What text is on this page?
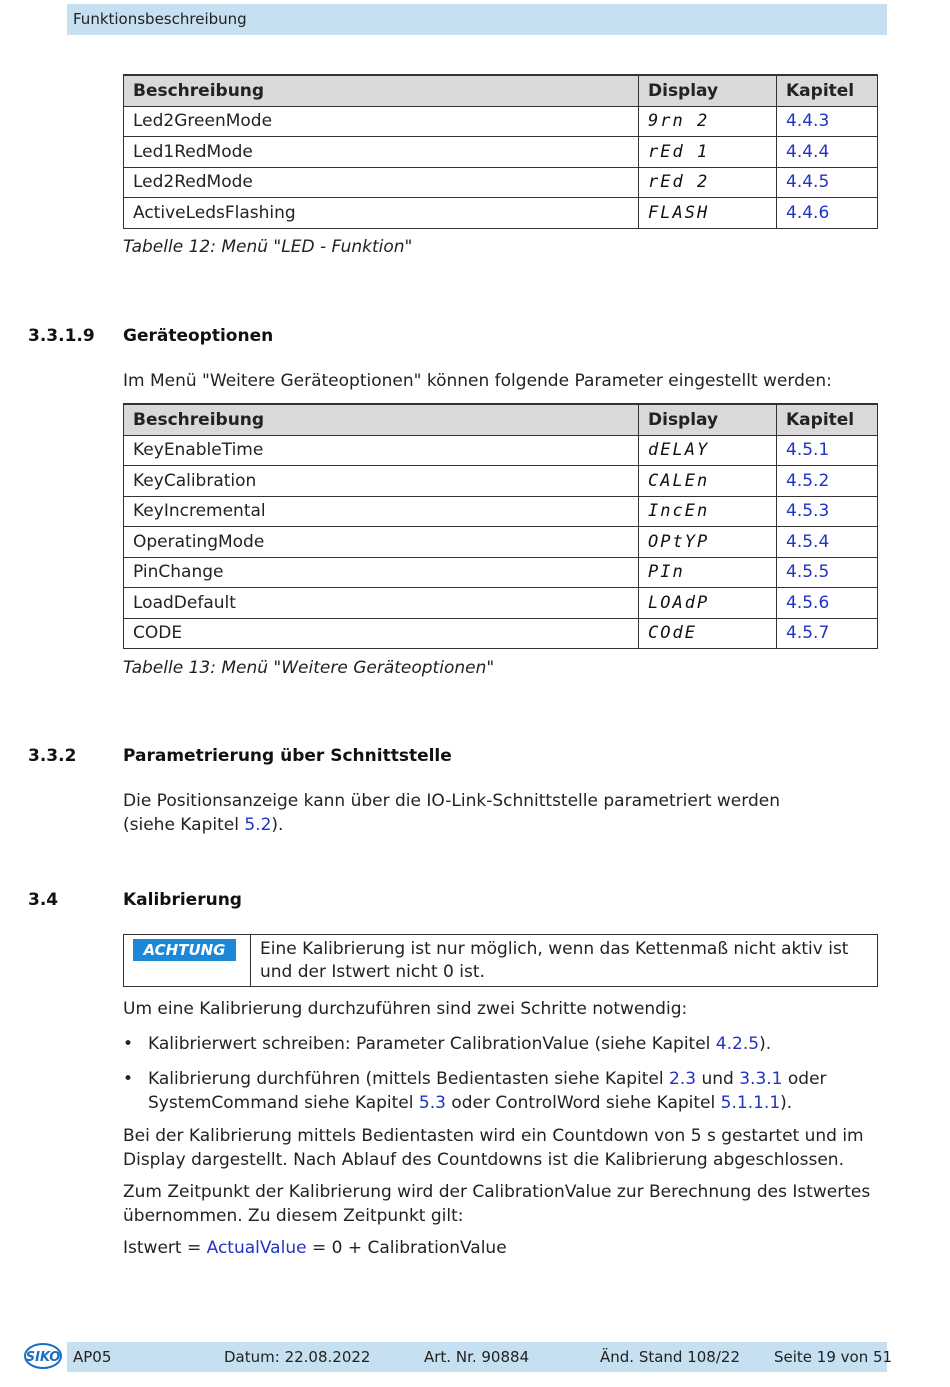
Funktionsbeschreibung
Beschreibung	Display	Kapitel
Led2GreenMode	9rn 2	4.4.3
Led1RedMode	rEd 1	4.4.4
Led2RedMode	rEd 2	4.4.5
ActiveLedsFlashing	FLASH	4.4.6
Tabelle 12: Menü "LED - Funktion"
3.3.1.9 Geräteoptionen
Im Menü "Weitere Geräteoptionen" können folgende Parameter eingestellt werden:
Beschreibung	Display	Kapitel
KeyEnableTime	dELAY	4.5.1
KeyCalibration	CALEn	4.5.2
KeyIncremental	IncEn	4.5.3
OperatingMode	OPtYP	4.5.4
PinChange	PIn	4.5.5
LoadDefault	LOAdP	4.5.6
CODE	COdE	4.5.7
Tabelle 13: Menü "Weitere Geräteoptionen"
3.3.2	Parametrierung über Schnittstelle
Die Positionsanzeige kann über die IO-Link-Schnittstelle parametriert werden
(siehe Kapitel 5.2).
3.4	Kalibrierung
ACHTUNG	Eine Kalibrierung ist nur möglich, wenn das Kettenmaß nicht aktiv ist und der Istwert nicht 0 ist.
Um eine Kalibrierung durchzuführen sind zwei Schritte notwendig:
• Kalibrierwert schreiben: Parameter CalibrationValue (siehe Kapitel 4.2.5).
• Kalibrierung durchführen (mittels Bedientasten siehe Kapitel 2.3 und 3.3.1 oder SystemCommand siehe Kapitel 5.3 oder ControlWord siehe Kapitel 5.1.1.1).
Bei der Kalibrierung mittels Bedientasten wird ein Countdown von 5 s gestartet und im Display dargestellt. Nach Ablauf des Countdowns ist die Kalibrierung abgeschlossen.
Zum Zeitpunkt der Kalibrierung wird der CalibrationValue zur Berechnung des Istwertes übernommen. Zu diesem Zeitpunkt gilt:
Istwert = ActualValue = 0 + CalibrationValue
SIKO AP05	Datum: 22.08.2022	Art. Nr. 90884	Änd. Stand 108/22 Seite 19 von 51
